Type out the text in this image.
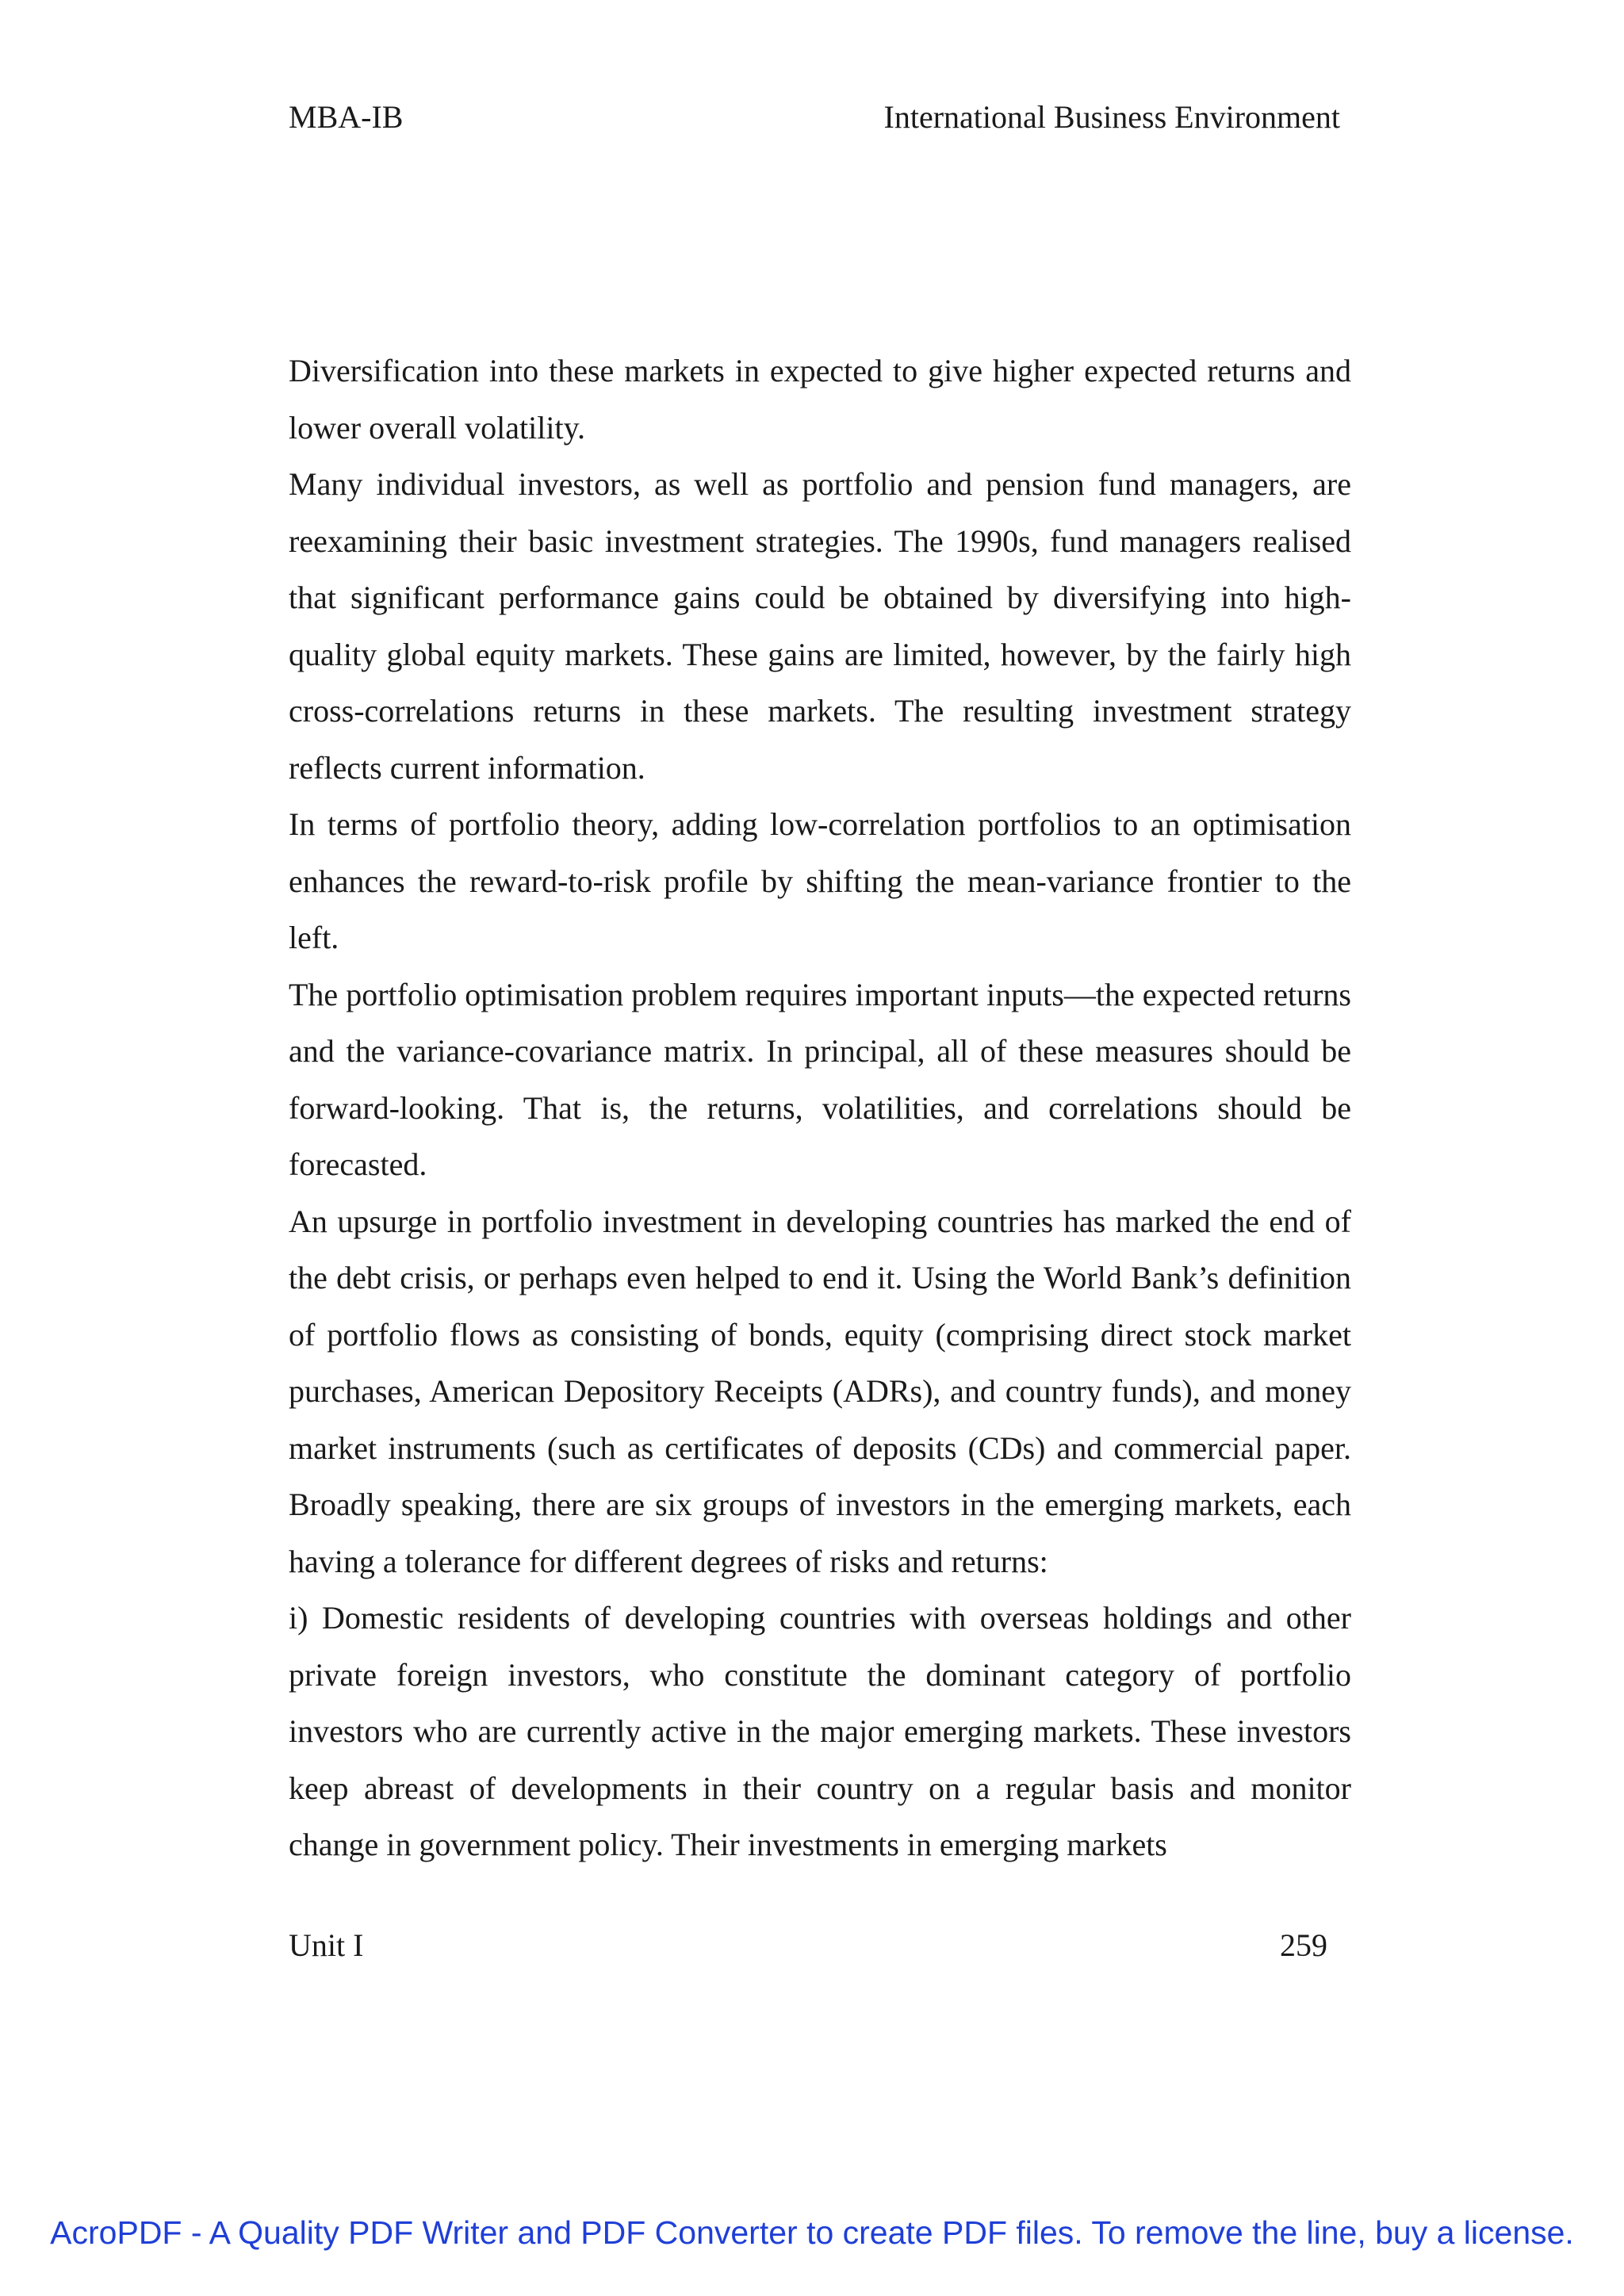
MBA-IB	International Business Environment

Diversification into these markets in expected to give higher expected returns and lower overall volatility.

Many individual investors, as well as portfolio and pension fund managers, are reexamining their basic investment strategies. The 1990s, fund managers realised that significant performance gains could be obtained by diversifying into high-quality global equity markets. These gains are limited, however, by the fairly high cross-correlations returns in these markets. The resulting investment strategy reflects current information.

In terms of portfolio theory, adding low-correlation portfolios to an optimisation enhances the reward-to-risk profile by shifting the mean-variance frontier to the left.

The portfolio optimisation problem requires important inputs—the expected returns and the variance-covariance matrix. In principal, all of these measures should be forward-looking. That is, the returns, volatilities, and correlations should be forecasted.

An upsurge in portfolio investment in developing countries has marked the end of the debt crisis, or perhaps even helped to end it. Using the World Bank’s definition of portfolio flows as consisting of bonds, equity (comprising direct stock market purchases, American Depository Receipts (ADRs), and country funds), and money market instruments (such as certificates of deposits (CDs) and commercial paper. Broadly speaking, there are six groups of investors in the emerging markets, each having a tolerance for different degrees of risks and returns:

i) Domestic residents of developing countries with overseas holdings and other private foreign investors, who constitute the dominant category of portfolio investors who are currently active in the major emerging markets. These investors keep abreast of developments in their country on a regular basis and monitor change in government policy. Their investments in emerging markets

Unit I	259
AcroPDF - A Quality PDF Writer and PDF Converter to create PDF files. To remove the line, buy a license.
